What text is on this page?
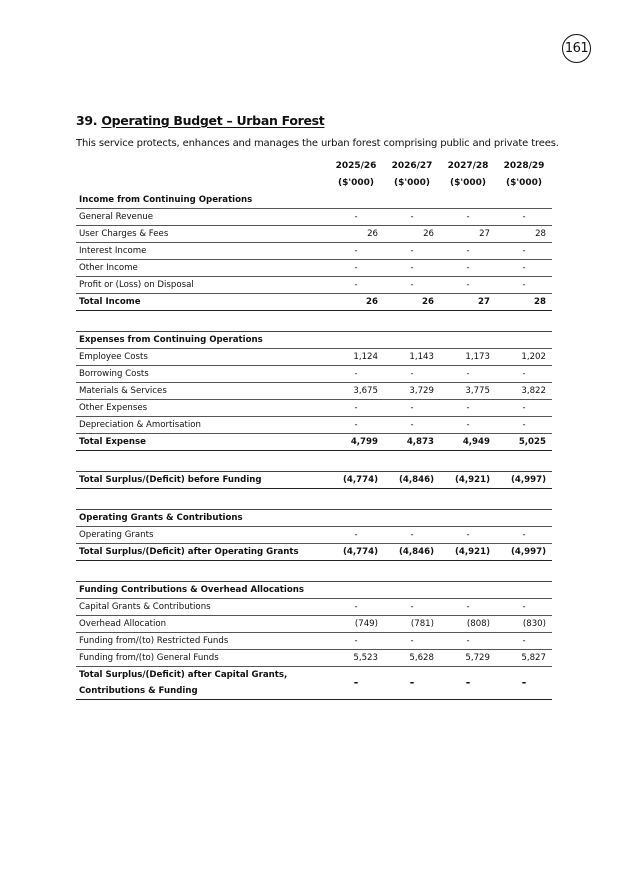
161
39. Operating Budget – Urban Forest
This service protects, enhances and manages the urban forest comprising public and private trees.
	2025/26	2026/27	2027/28	2028/29
	($'000)	($'000)	($'000)	($'000)
Income from Continuing Operations				
General Revenue	-	-	-	-
User Charges & Fees	26	26	27	28
Interest Income	-	-	-	-
Other Income	-	-	-	-
Profit or (Loss) on Disposal	-	-	-	-
Total Income	26	26	27	28

Expenses from Continuing Operations				
Employee Costs	1,124	1,143	1,173	1,202
Borrowing Costs	-	-	-	-
Materials & Services	3,675	3,729	3,775	3,822
Other Expenses	-	-	-	-
Depreciation & Amortisation	-	-	-	-
Total Expense	4,799	4,873	4,949	5,025

Total Surplus/(Deficit) before Funding	(4,774)	(4,846)	(4,921)	(4,997)

Operating Grants & Contributions				
Operating Grants	-	-	-	-
Total Surplus/(Deficit) after Operating Grants	(4,774)	(4,846)	(4,921)	(4,997)

Funding Contributions & Overhead Allocations				
Capital Grants & Contributions	-	-	-	-
Overhead Allocation	(749)	(781)	(808)	(830)
Funding from/(to) Restricted Funds	-	-	-	-
Funding from/(to) General Funds	5,523	5,628	5,729	5,827

Total Surplus/(Deficit) after Capital Grants,
Contributions & Funding	-	-	-	-
